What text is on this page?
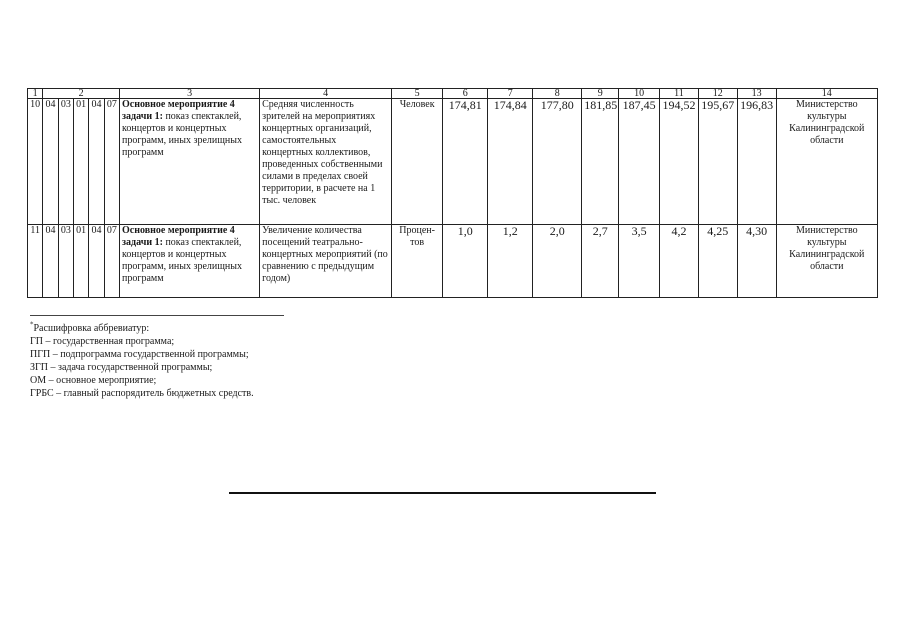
1	2					3	4	5	6	7	8	9	10	11	12	13	14
10	04	03	01	04	07	Основное мероприятие 4 задачи 1: показ спектаклей, концертов и концертных программ, иных зрелищных программ	Средняя численность зрителей на мероприятиях концертных организаций, самостоятельных концертных коллективов, проведенных собственными силами в пределах своей территории, в расчете на 1 тыс. человек	Человек	174,81	174,84	177,80	181,85	187,45	194,52	195,67	196,83	Министерство культуры Калининградской области
11	04	03	01	04	07	Основное мероприятие 4 задачи 1: показ спектаклей, концертов и концертных программ, иных зрелищных программ	Увеличение количества посещений театрально-концертных мероприятий (по сравнению с предыдущим годом)	Процен-тов	1,0	1,2	2,0	2,7	3,5	4,2	4,25	4,30	Министерство культуры Калининградской области
*Расшифровка аббревиатур:
ГП – государственная программа;
ПГП – подпрограмма государственной программы;
ЗГП – задача государственной программы;
ОМ – основное мероприятие;
ГРБС – главный распорядитель бюджетных средств.
